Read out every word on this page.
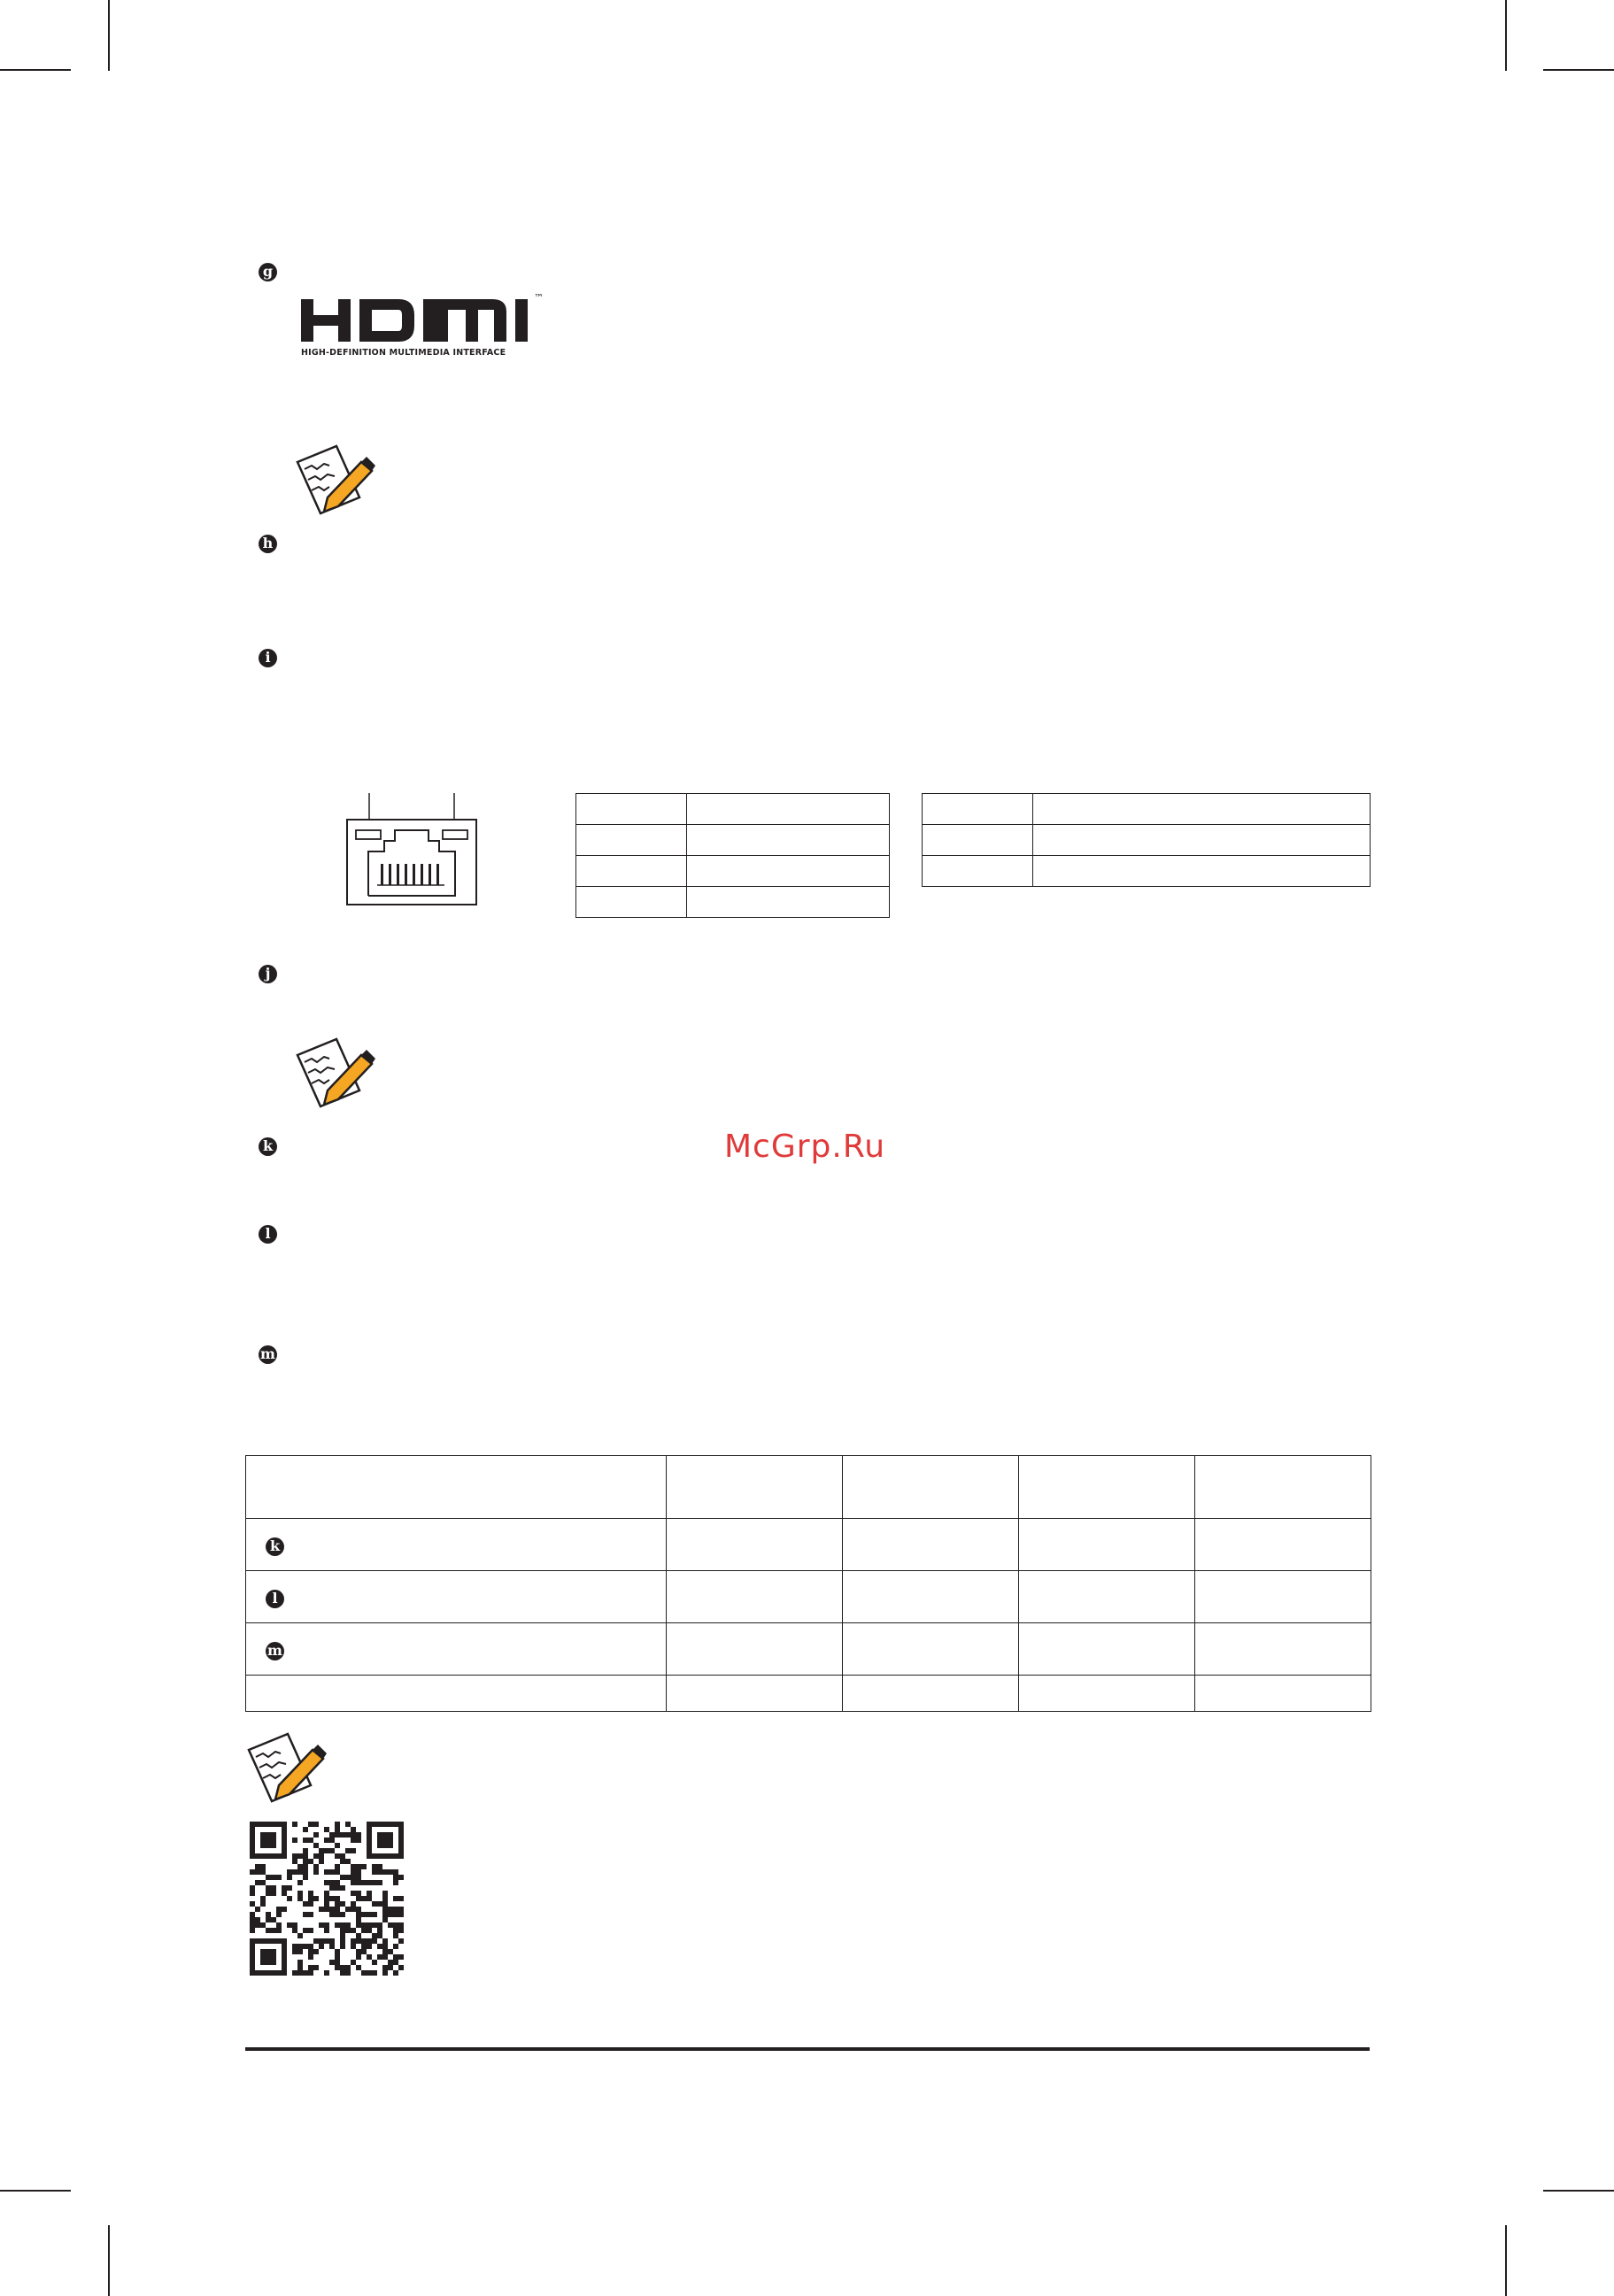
g
h
i
j
k
l
m
™
HIGH-DEFINITION MULTIMEDIA INTERFACE

McGrp.Ru

k				

l				

m				
